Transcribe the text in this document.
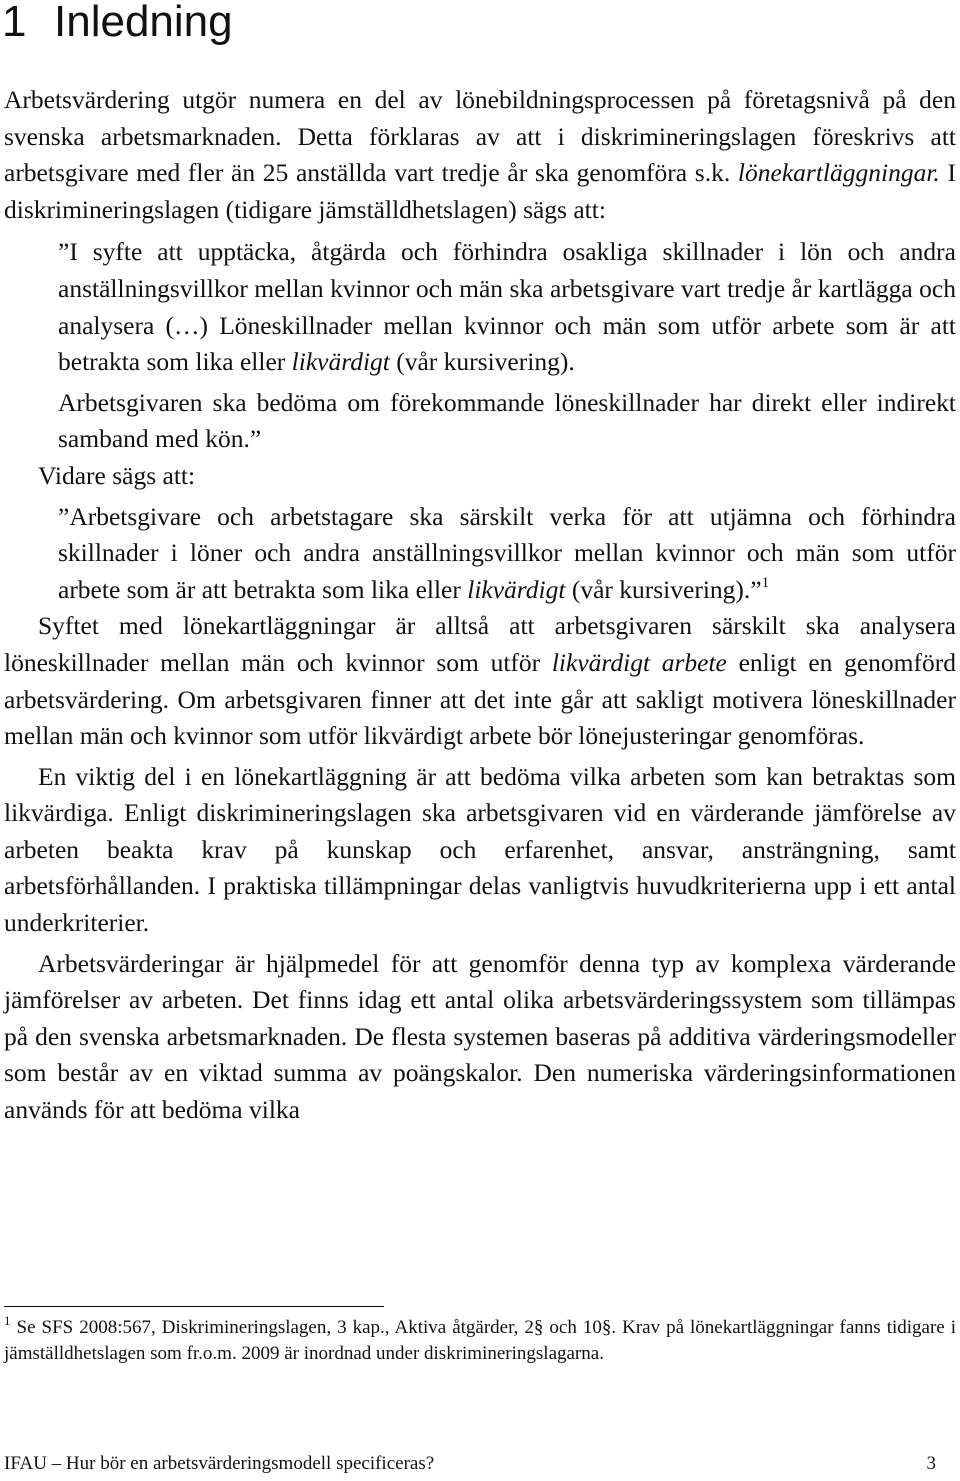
1 Inledning

Arbetsvärdering utgör numera en del av lönebildningsprocessen på företagsnivå på den svenska arbetsmarknaden. Detta förklaras av att i diskrimineringslagen föreskrivs att arbetsgivare med fler än 25 anställda vart tredje år ska genomföra s.k. lönekartläggningar. I diskrimineringslagen (tidigare jämställdhetslagen) sägs att:

”I syfte att upptäcka, åtgärda och förhindra osakliga skillnader i lön och andra anställningsvillkor mellan kvinnor och män ska arbetsgivare vart tredje år kartlägga och analysera (…) Löneskillnader mellan kvinnor och män som utför arbete som är att betrakta som lika eller likvärdigt (vår kursivering).

Arbetsgivaren ska bedöma om förekommande löneskillnader har direkt eller indirekt samband med kön.”

Vidare sägs att:

”Arbetsgivare och arbetstagare ska särskilt verka för att utjämna och förhindra skillnader i löner och andra anställningsvillkor mellan kvinnor och män som utför arbete som är att betrakta som lika eller likvärdigt (vår kursivering).”$^1$

Syftet med lönekartläggningar är alltså att arbetsgivaren särskilt ska analysera löneskillnader mellan män och kvinnor som utför likvärdigt arbete enligt en genomförd arbetsvärdering. Om arbetsgivaren finner att det inte går att sakligt motivera löneskillnader mellan män och kvinnor som utför likvärdigt arbete bör lönejusteringar genomföras.

En viktig del i en lönekartläggning är att bedöma vilka arbeten som kan betraktas som likvärdiga. Enligt diskrimineringslagen ska arbetsgivaren vid en värderande jämförelse av arbeten beakta krav på kunskap och erfarenhet, ansvar, ansträngning, samt arbetsförhållanden. I praktiska tillämpningar delas vanligtvis huvudkriterierna upp i ett antal underkriterier.

Arbetsvärderingar är hjälpmedel för att genomför denna typ av komplexa värderande jämförelser av arbeten. Det finns idag ett antal olika arbetsvärderingssystem som tillämpas på den svenska arbetsmarknaden. De flesta systemen baseras på additiva värderingsmodeller som består av en viktad summa av poängskalor. Den numeriska värderingsinformationen används för att bedöma vilka

$^1$ Se SFS 2008:567, Diskrimineringslagen, 3 kap., Aktiva åtgärder, 2§ och 10§. Krav på lönekartläggningar fanns tidigare i jämställdhetslagen som fr.o.m. 2009 är inordnad under diskrimineringslagarna.

IFAU – Hur bör en arbetsvärderingsmodell specificeras?	3
